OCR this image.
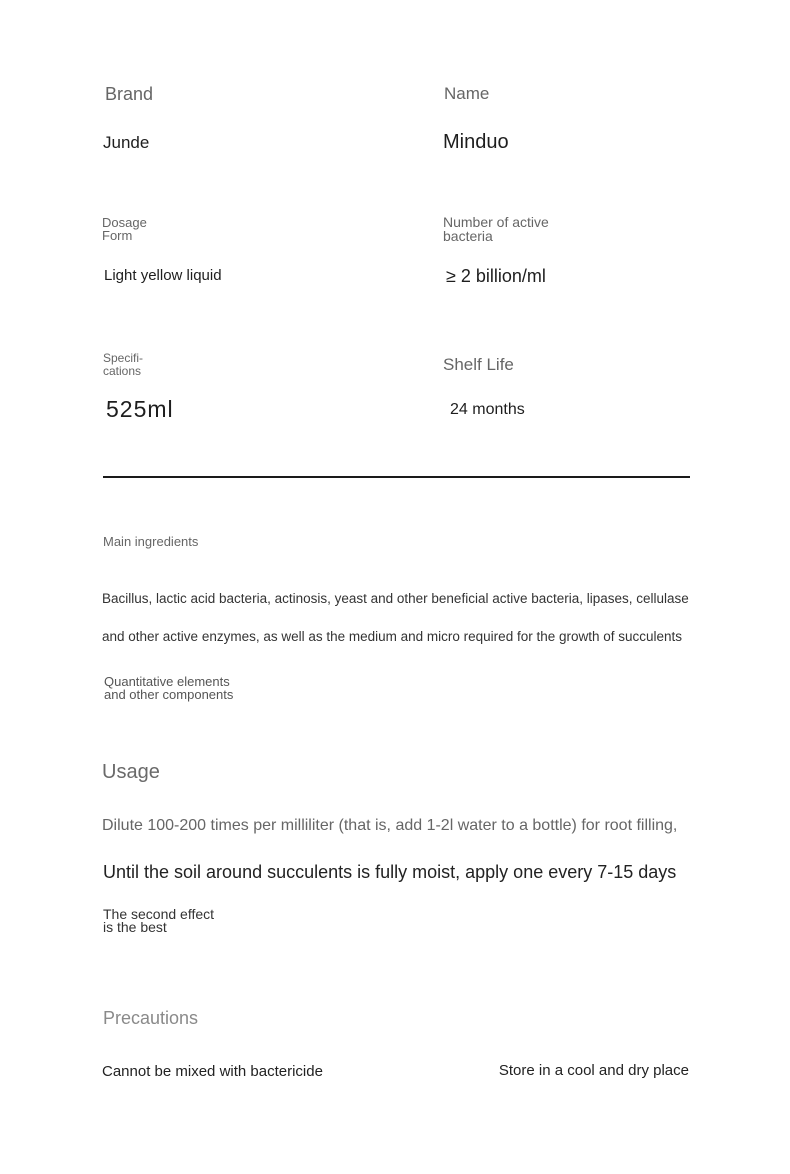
Brand
Junde
Name
Minduo
Dosage
Form
Light yellow liquid
Number of active
bacteria
≥ 2 billion/ml
Specifi-
cations
525ml
Shelf Life
24 months
Main ingredients
Bacillus, lactic acid bacteria, actinosis, yeast and other beneficial active bacteria, lipases, cellulase
and other active enzymes, as well as the medium and micro required for the growth of succulents
Quantitative elements
and other components
Usage
Dilute 100-200 times per milliliter (that is, add 1-2l water to a bottle) for root filling,
Until the soil around succulents is fully moist, apply one every 7-15 days
The second effect
is the best
Precautions
Cannot be mixed with bactericide	Store in a cool and dry place
